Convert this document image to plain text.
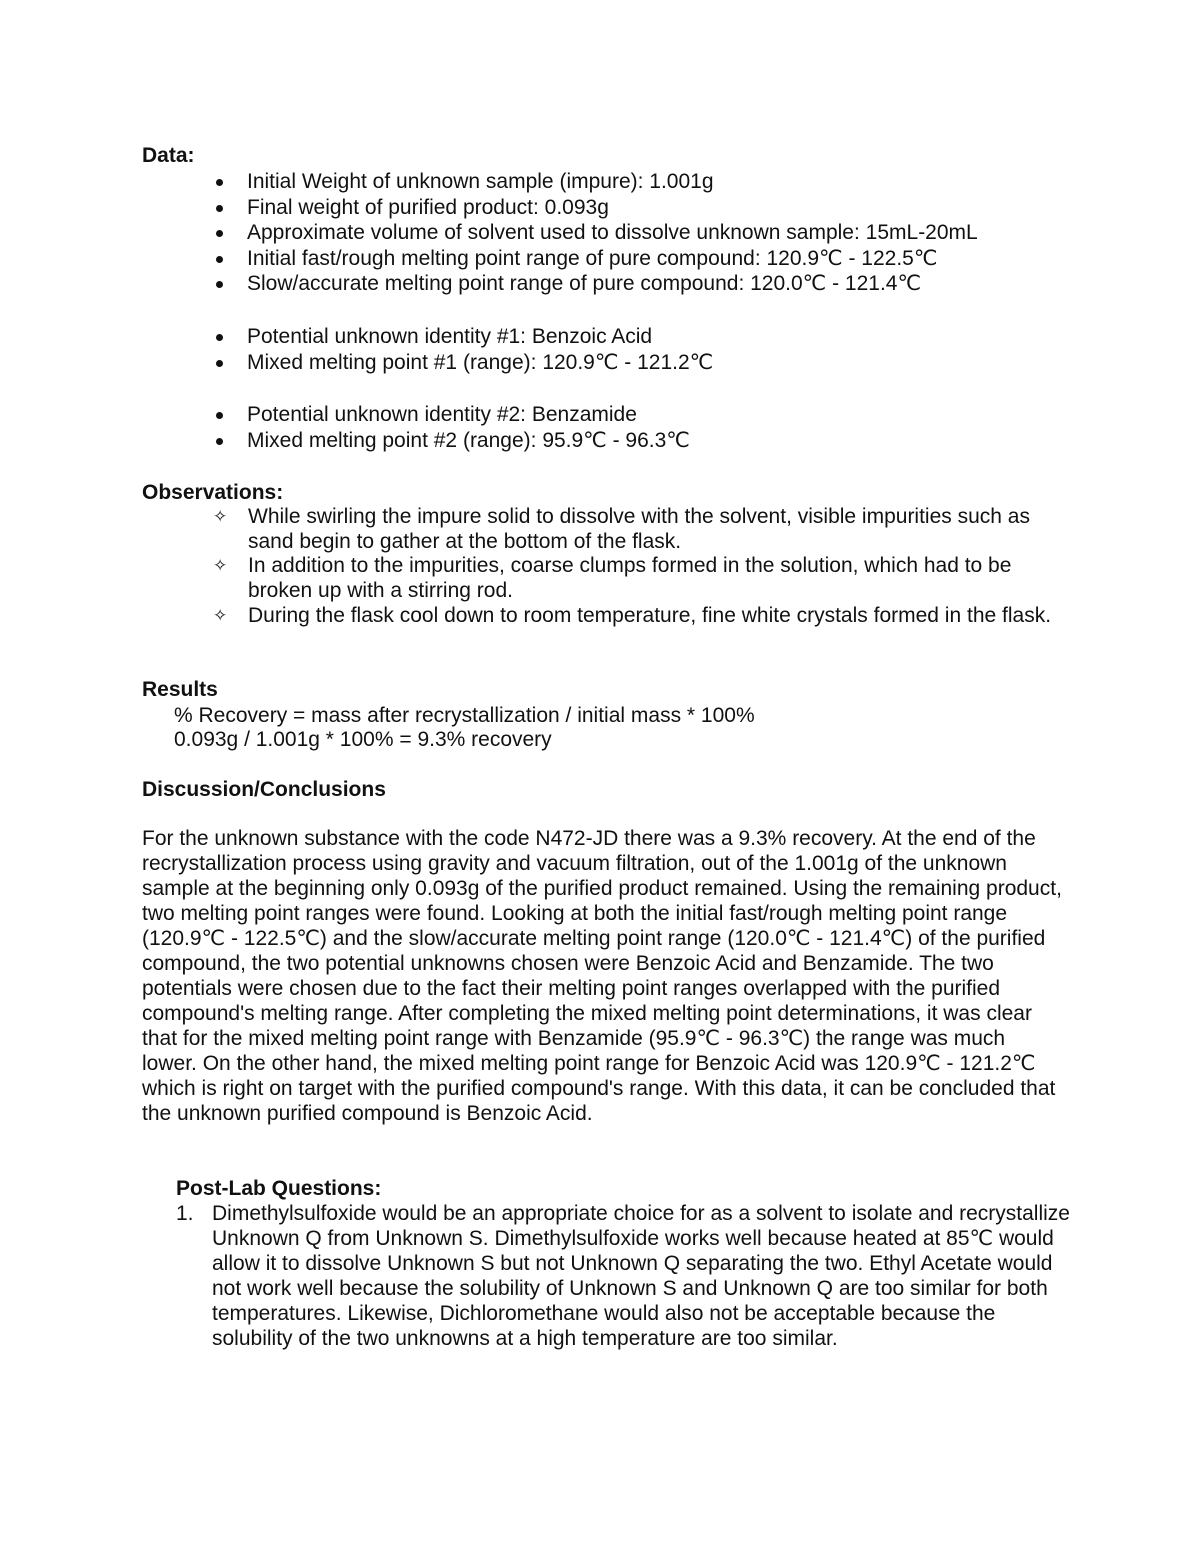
Data:
Initial Weight of unknown sample (impure): 1.001g
Final weight of purified product: 0.093g
Approximate volume of solvent used to dissolve unknown sample: 15mL-20mL
Initial fast/rough melting point range of pure compound: 120.9℃ - 122.5℃
Slow/accurate melting point range of pure compound: 120.0℃ - 121.4℃
Potential unknown identity #1: Benzoic Acid
Mixed melting point #1 (range): 120.9℃ - 121.2℃
Potential unknown identity #2: Benzamide
Mixed melting point #2 (range): 95.9℃ - 96.3℃
Observations:
✧ While swirling the impure solid to dissolve with the solvent, visible impurities such as sand begin to gather at the bottom of the flask.
✧ In addition to the impurities, coarse clumps formed in the solution, which had to be broken up with a stirring rod.
✧ During the flask cool down to room temperature, fine white crystals formed in the flask.
Results
% Recovery = mass after recrystallization / initial mass * 100%
0.093g / 1.001g * 100% = 9.3% recovery
Discussion/Conclusions
For the unknown substance with the code N472-JD there was a 9.3% recovery. At the end of the recrystallization process using gravity and vacuum filtration, out of the 1.001g of the unknown sample at the beginning only 0.093g of the purified product remained. Using the remaining product, two melting point ranges were found. Looking at both the initial fast/rough melting point range (120.9℃ - 122.5℃) and the slow/accurate melting point range (120.0℃ - 121.4℃) of the purified compound, the two potential unknowns chosen were Benzoic Acid and Benzamide. The two potentials were chosen due to the fact their melting point ranges overlapped with the purified compound's melting range. After completing the mixed melting point determinations, it was clear that for the mixed melting point range with Benzamide (95.9℃ - 96.3℃) the range was much lower. On the other hand, the mixed melting point range for Benzoic Acid was 120.9℃ - 121.2℃ which is right on target with the purified compound's range. With this data, it can be concluded that the unknown purified compound is Benzoic Acid.
Post-Lab Questions:
1. Dimethylsulfoxide would be an appropriate choice for as a solvent to isolate and recrystallize Unknown Q from Unknown S. Dimethylsulfoxide works well because heated at 85℃ would allow it to dissolve Unknown S but not Unknown Q separating the two. Ethyl Acetate would not work well because the solubility of Unknown S and Unknown Q are too similar for both temperatures. Likewise, Dichloromethane would also not be acceptable because the solubility of the two unknowns at a high temperature are too similar.
